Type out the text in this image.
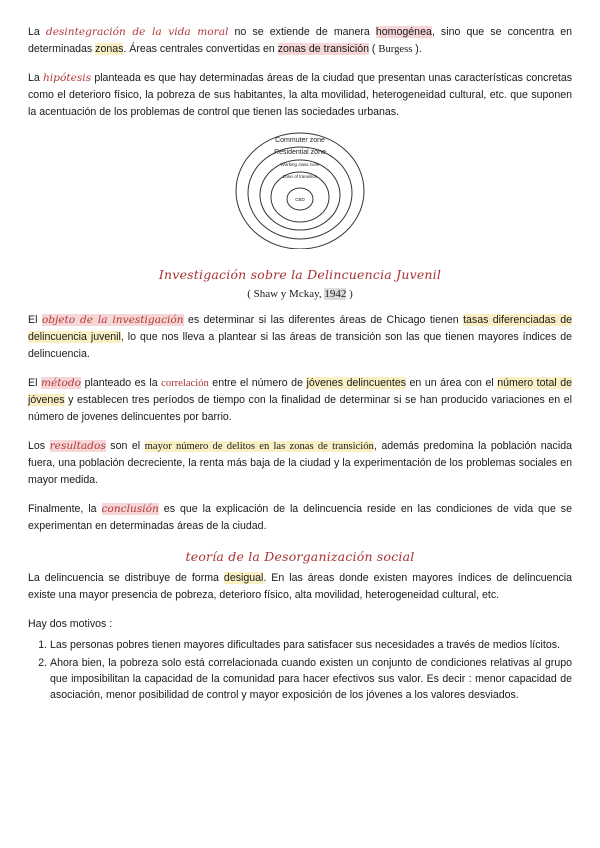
La desintegración de la vida moral no se extiende de manera homogénea, sino que se concentra en determinadas zonas. Áreas centrales convertidas en zonas de transición ( Burgess ).

La hipótesis planteada es que hay determinadas áreas de la ciudad que presentan unas características concretas como el deterioro físico, la pobreza de sus habitantes, la alta movilidad, heterogeneidad cultural, etc. que suponen la acentuación de los problemas de control que tienen las sociedades urbanas.

Commuter zone
Residential zone
Working class zone
Zone of transition
CBD
Investigación sobre la Delincuencia Juvenil
( Shaw y Mckay, 1942 )

El objeto de la investigación es determinar si las diferentes áreas de Chicago tienen tasas diferenciadas de delincuencia juvenil, lo que nos lleva a plantear si las áreas de transición son las que tienen mayores índices de delincuencia.

El método planteado es la correlación entre el número de jóvenes delincuentes en un área con el número total de jóvenes y establecen tres períodos de tiempo con la finalidad de determinar si se han producido variaciones en el número de jovenes delincuentes por barrio.

Los resultados son el mayor número de delitos en las zonas de transición, además predomina la población nacida fuera, una población decreciente, la renta más baja de la ciudad y la experimentación de los problemas sociales en mayor medida.

Finalmente, la conclusión es que la explicación de la delincuencia reside en las condiciones de vida que se experimentan en determinadas áreas de la ciudad.

teoría de la Desorganización social

La delincuencia se distribuye de forma desigual. En las áreas donde existen mayores índices de delincuencia existe una mayor presencia de pobreza, deterioro físico, alta movilidad, heterogeneidad cultural, etc.

Hay dos motivos :

1. Las personas pobres tienen mayores dificultades para satisfacer sus necesidades a través de medios lícitos.
2. Ahora bien, la pobreza solo está correlacionada cuando existen un conjunto de condiciones relativas al grupo que imposibilitan la capacidad de la comunidad para hacer efectivos sus valor. Es decir : menor capacidad de asociación, menor posibilidad de control y mayor exposición de los jóvenes a los valores desviados.
